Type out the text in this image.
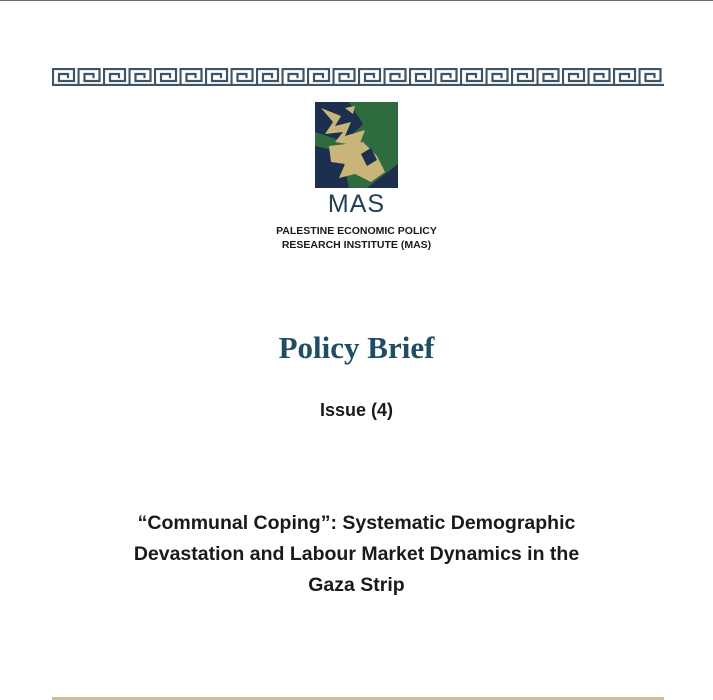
MAS
PALESTINE ECONOMIC POLICY
RESEARCH INSTITUTE (MAS)
Policy Brief
Issue (4)
“Communal Coping”: Systematic Demographic
Devastation and Labour Market Dynamics in the
Gaza Strip
